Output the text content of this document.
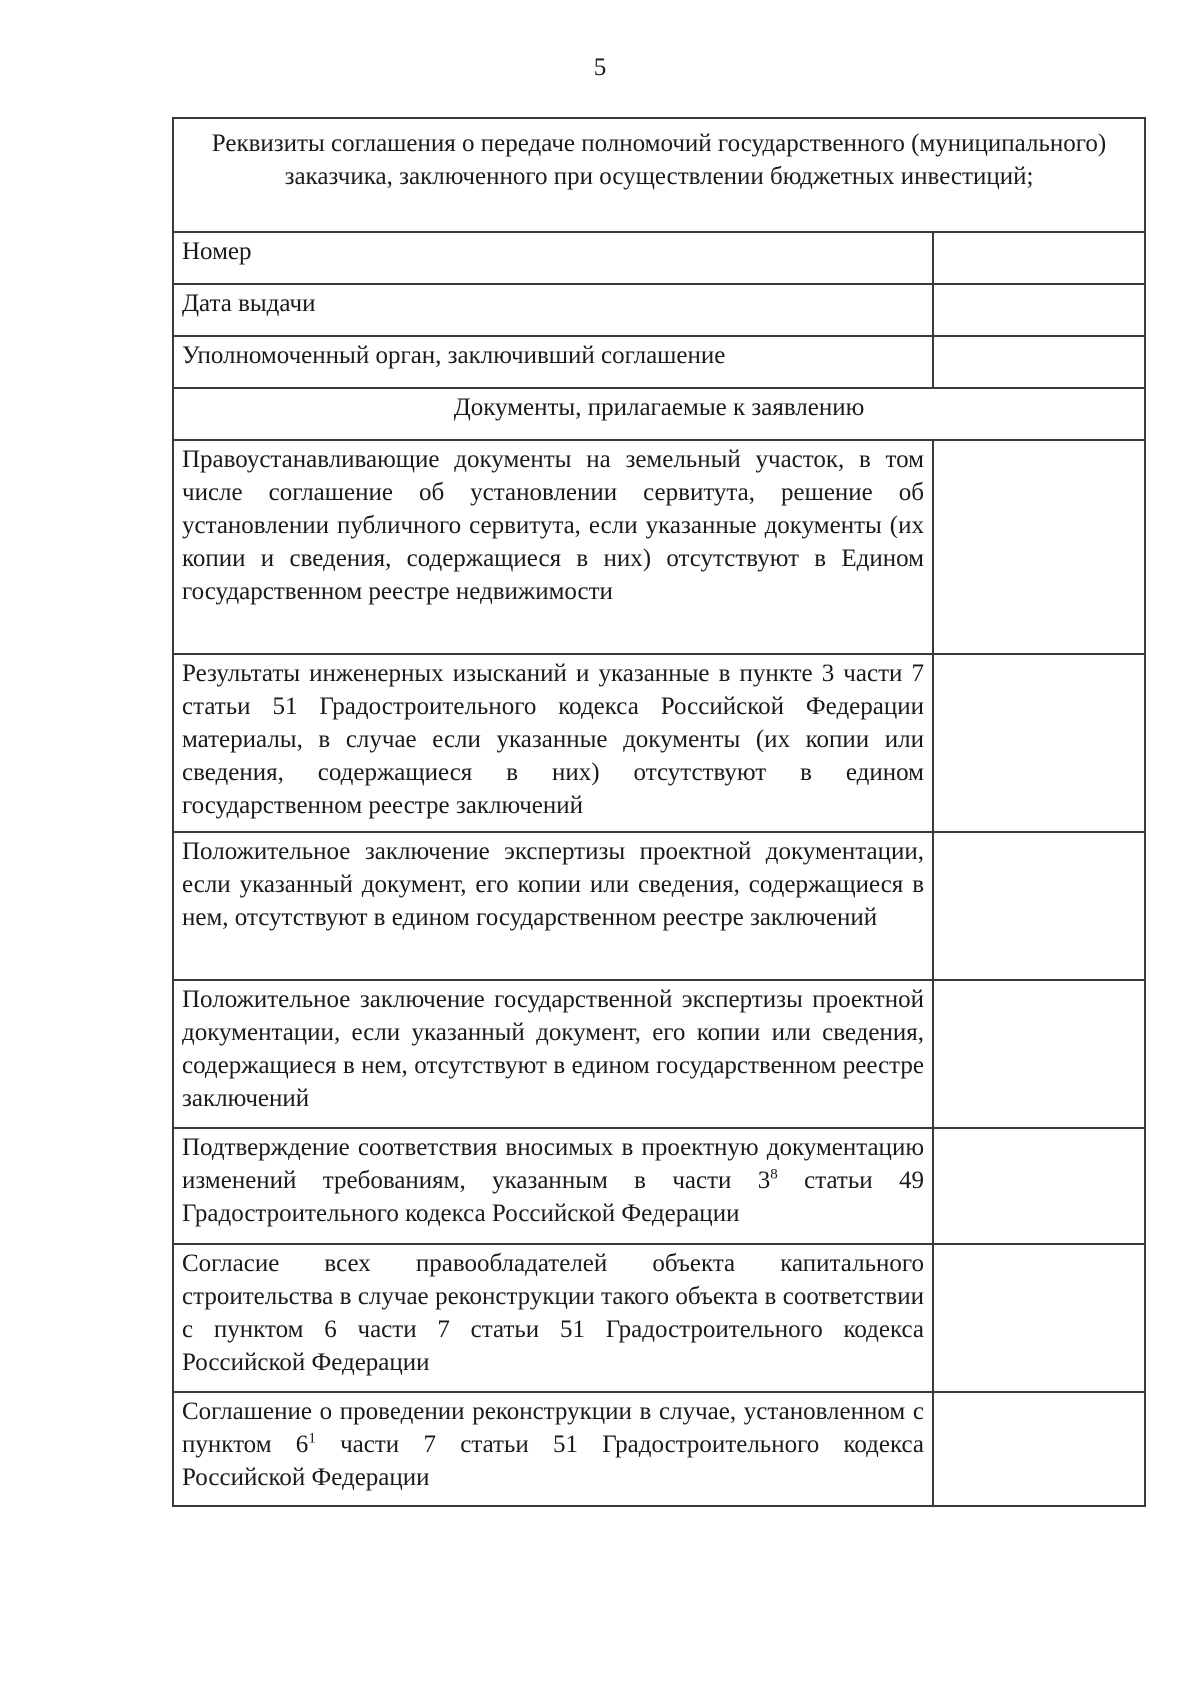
5
Реквизиты соглашения о передаче полномочий государственного (муниципального) заказчика, заключенного при осуществлении бюджетных инвестиций;	
Номер	
Дата выдачи	
Уполномоченный орган, заключивший соглашение	
Документы, прилагаемые к заявлению	
Правоустанавливающие документы на земельный участок, в том числе соглашение об установлении сервитута, решение об установлении публичного сервитута, если указанные документы (их копии и сведения, содержащиеся в них) отсутствуют в Едином государственном реестре недвижимости	
Результаты инженерных изысканий и указанные в пункте 3 части 7 статьи 51 Градостроительного кодекса Российской Федерации материалы, в случае если указанные документы (их копии или сведения, содержащиеся в них) отсутствуют в едином государственном реестре заключений	
Положительное заключение экспертизы проектной документации, если указанный документ, его копии или сведения, содержащиеся в нем, отсутствуют в едином государственном реестре заключений	
Положительное заключение государственной экспертизы проектной документации, если указанный документ, его копии или сведения, содержащиеся в нем, отсутствуют в едином государственном реестре заключений	
Подтверждение соответствия вносимых в проектную документацию изменений требованиям, указанным в части $3^8$ статьи 49 Градостроительного кодекса Российской Федерации	
Согласие всех правообладателей объекта капитального строительства в случае реконструкции такого объекта в соответствии с пунктом 6 части 7 статьи 51 Градостроительного кодекса Российской Федерации	
Соглашение о проведении реконструкции в случае, установленном с пунктом $6^1$ части 7 статьи 51 Градостроительного кодекса Российской Федерации	
